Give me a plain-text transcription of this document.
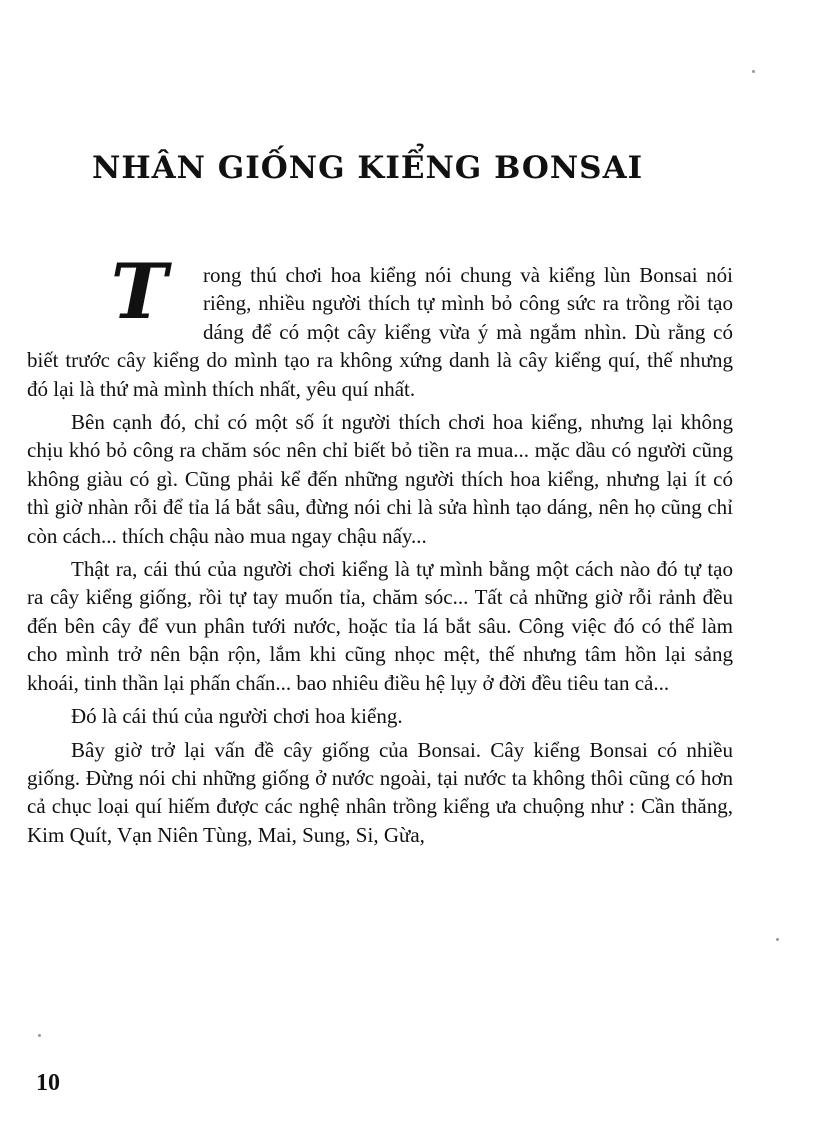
NHÂN GIỐNG KIỂNG BONSAI

T	rong thú chơi hoa kiểng nói chung và kiểng lùn Bonsai nói riêng, nhiều người thích tự mình bỏ công sức ra trồng rồi tạo dáng để có một cây kiểng vừa ý mà ngắm nhìn. Dù rằng có biết trước cây kiểng do mình tạo ra không xứng danh là cây kiểng quí, thế nhưng đó lại là thứ mà mình thích nhất, yêu quí nhất.

Bên cạnh đó, chỉ có một số ít người thích chơi hoa kiểng, nhưng lại không chịu khó bỏ công ra chăm sóc nên chỉ biết bỏ tiền ra mua... mặc dầu có người cũng không giàu có gì. Cũng phải kể đến những người thích hoa kiểng, nhưng lại ít có thì giờ nhàn rỗi để tỉa lá bắt sâu, đừng nói chi là sửa hình tạo dáng, nên họ cũng chỉ còn cách... thích chậu nào mua ngay chậu nấy...

Thật ra, cái thú của người chơi kiểng là tự mình bằng một cách nào đó tự tạo ra cây kiểng giống, rồi tự tay muốn tỉa, chăm sóc... Tất cả những giờ rỗi rảnh đều đến bên cây để vun phân tưới nước, hoặc tỉa lá bắt sâu. Công việc đó có thể làm cho mình trở nên bận rộn, lắm khi cũng nhọc mệt, thế nhưng tâm hồn lại sảng khoái, tinh thần lại phấn chấn... bao nhiêu điều hệ lụy ở đời đều tiêu tan cả...

Đó là cái thú của người chơi hoa kiểng.

Bây giờ trở lại vấn đề cây giống của Bonsai. Cây kiểng Bonsai có nhiều giống. Đừng nói chi những giống ở nước ngoài, tại nước ta không thôi cũng có hơn cả chục loại quí hiếm được các nghệ nhân trồng kiểng ưa chuộng như : Cần thăng, Kim Quít, Vạn Niên Tùng, Mai, Sung, Si, Gừa,

10
